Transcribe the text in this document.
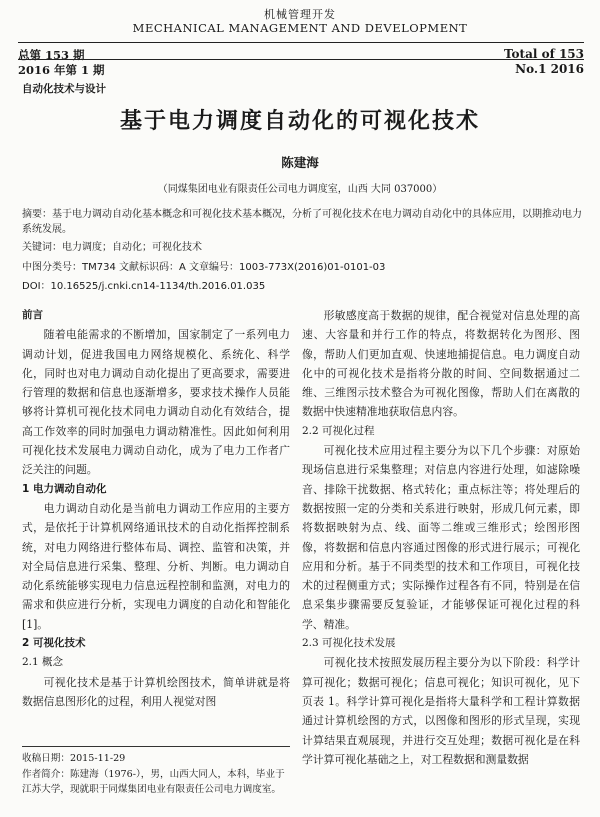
机械管理开发
MECHANICAL MANAGEMENT AND DEVELOPMENT
总第 153 期
2016 年第 1 期
Total of 153
No.1 2016
自动化技术与设计
基于电力调度自动化的可视化技术
陈建海
（同煤集团电业有限责任公司电力调度室，山西 大同 037000）
摘要：基于电力调动自动化基本概念和可视化技术基本概况，分析了可视化技术在电力调动自动化中的具体应用，以期推动电力系统发展。
关键词：电力调度；自动化；可视化技术
中图分类号：TM734 文献标识码：A 文章编号：1003-773X(2016)01-0101-03
DOI：10.16525/j.cnki.cn14-1134/th.2016.01.035

前言

随着电能需求的不断增加，国家制定了一系列电力调动计划，促进我国电力网络规模化、系统化、科学化，同时也对电力调动自动化提出了更高要求，需要进行管理的数据和信息也逐渐增多，要求技术操作人员能够将计算机可视化技术同电力调动自动化有效结合，提高工作效率的同时加强电力调动精准性。因此如何利用可视化技术发展电力调动自动化，成为了电力工作者广泛关注的问题。

1 电力调动自动化

电力调动自动化是当前电力调动工作应用的主要方式，是依托于计算机网络通讯技术的自动化指挥控制系统，对电力网络进行整体布局、调控、监管和决策，并对全局信息进行采集、整理、分析、判断。电力调动自动化系统能够实现电力信息远程控制和监测，对电力的需求和供应进行分析，实现电力调度的自动化和智能化[1]。

2 可视化技术

2.1 概念

可视化技术是基于计算机绘图技术，简单讲就是将数据信息图形化的过程，利用人视觉对图

收稿日期：2015-11-29
作者简介：陈建海（1976-），男，山西大同人，本科，毕业于江苏大学，现就职于同煤集团电业有限责任公司电力调度室。

形敏感度高于数据的规律，配合视觉对信息处理的高速、大容量和并行工作的特点，将数据转化为图形、图像，帮助人们更加直观、快速地捕捉信息。电力调度自动化中的可视化技术是指将分散的时间、空间数据通过二维、三维图示技术整合为可视化图像，帮助人们在离散的数据中快速精准地获取信息内容。

2.2 可视化过程

可视化技术应用过程主要分为以下几个步骤：对原始现场信息进行采集整理；对信息内容进行处理，如滤除噪音、排除干扰数据、格式转化；重点标注等；将处理后的数据按照一定的分类和关系进行映射，形成几何元素，即将数据映射为点、线、面等二维或三维形式；绘图形图像，将数据和信息内容通过图像的形式进行展示；可视化应用和分析。基于不同类型的技术和工作项目，可视化技术的过程侧重方式；实际操作过程各有不同，特别是在信息采集步骤需要反复验证，才能够保证可视化过程的科学、精准。

2.3 可视化技术发展

可视化技术按照发展历程主要分为以下阶段：科学计算可视化；数据可视化；信息可视化；知识可视化，见下页表 1。科学计算可视化是指将大量科学和工程计算数据通过计算机绘图的方式，以图像和图形的形式呈现，实现计算结果直观展现，并进行交互处理；数据可视化是在科学计算可视化基础之上，对工程数据和测量数据
